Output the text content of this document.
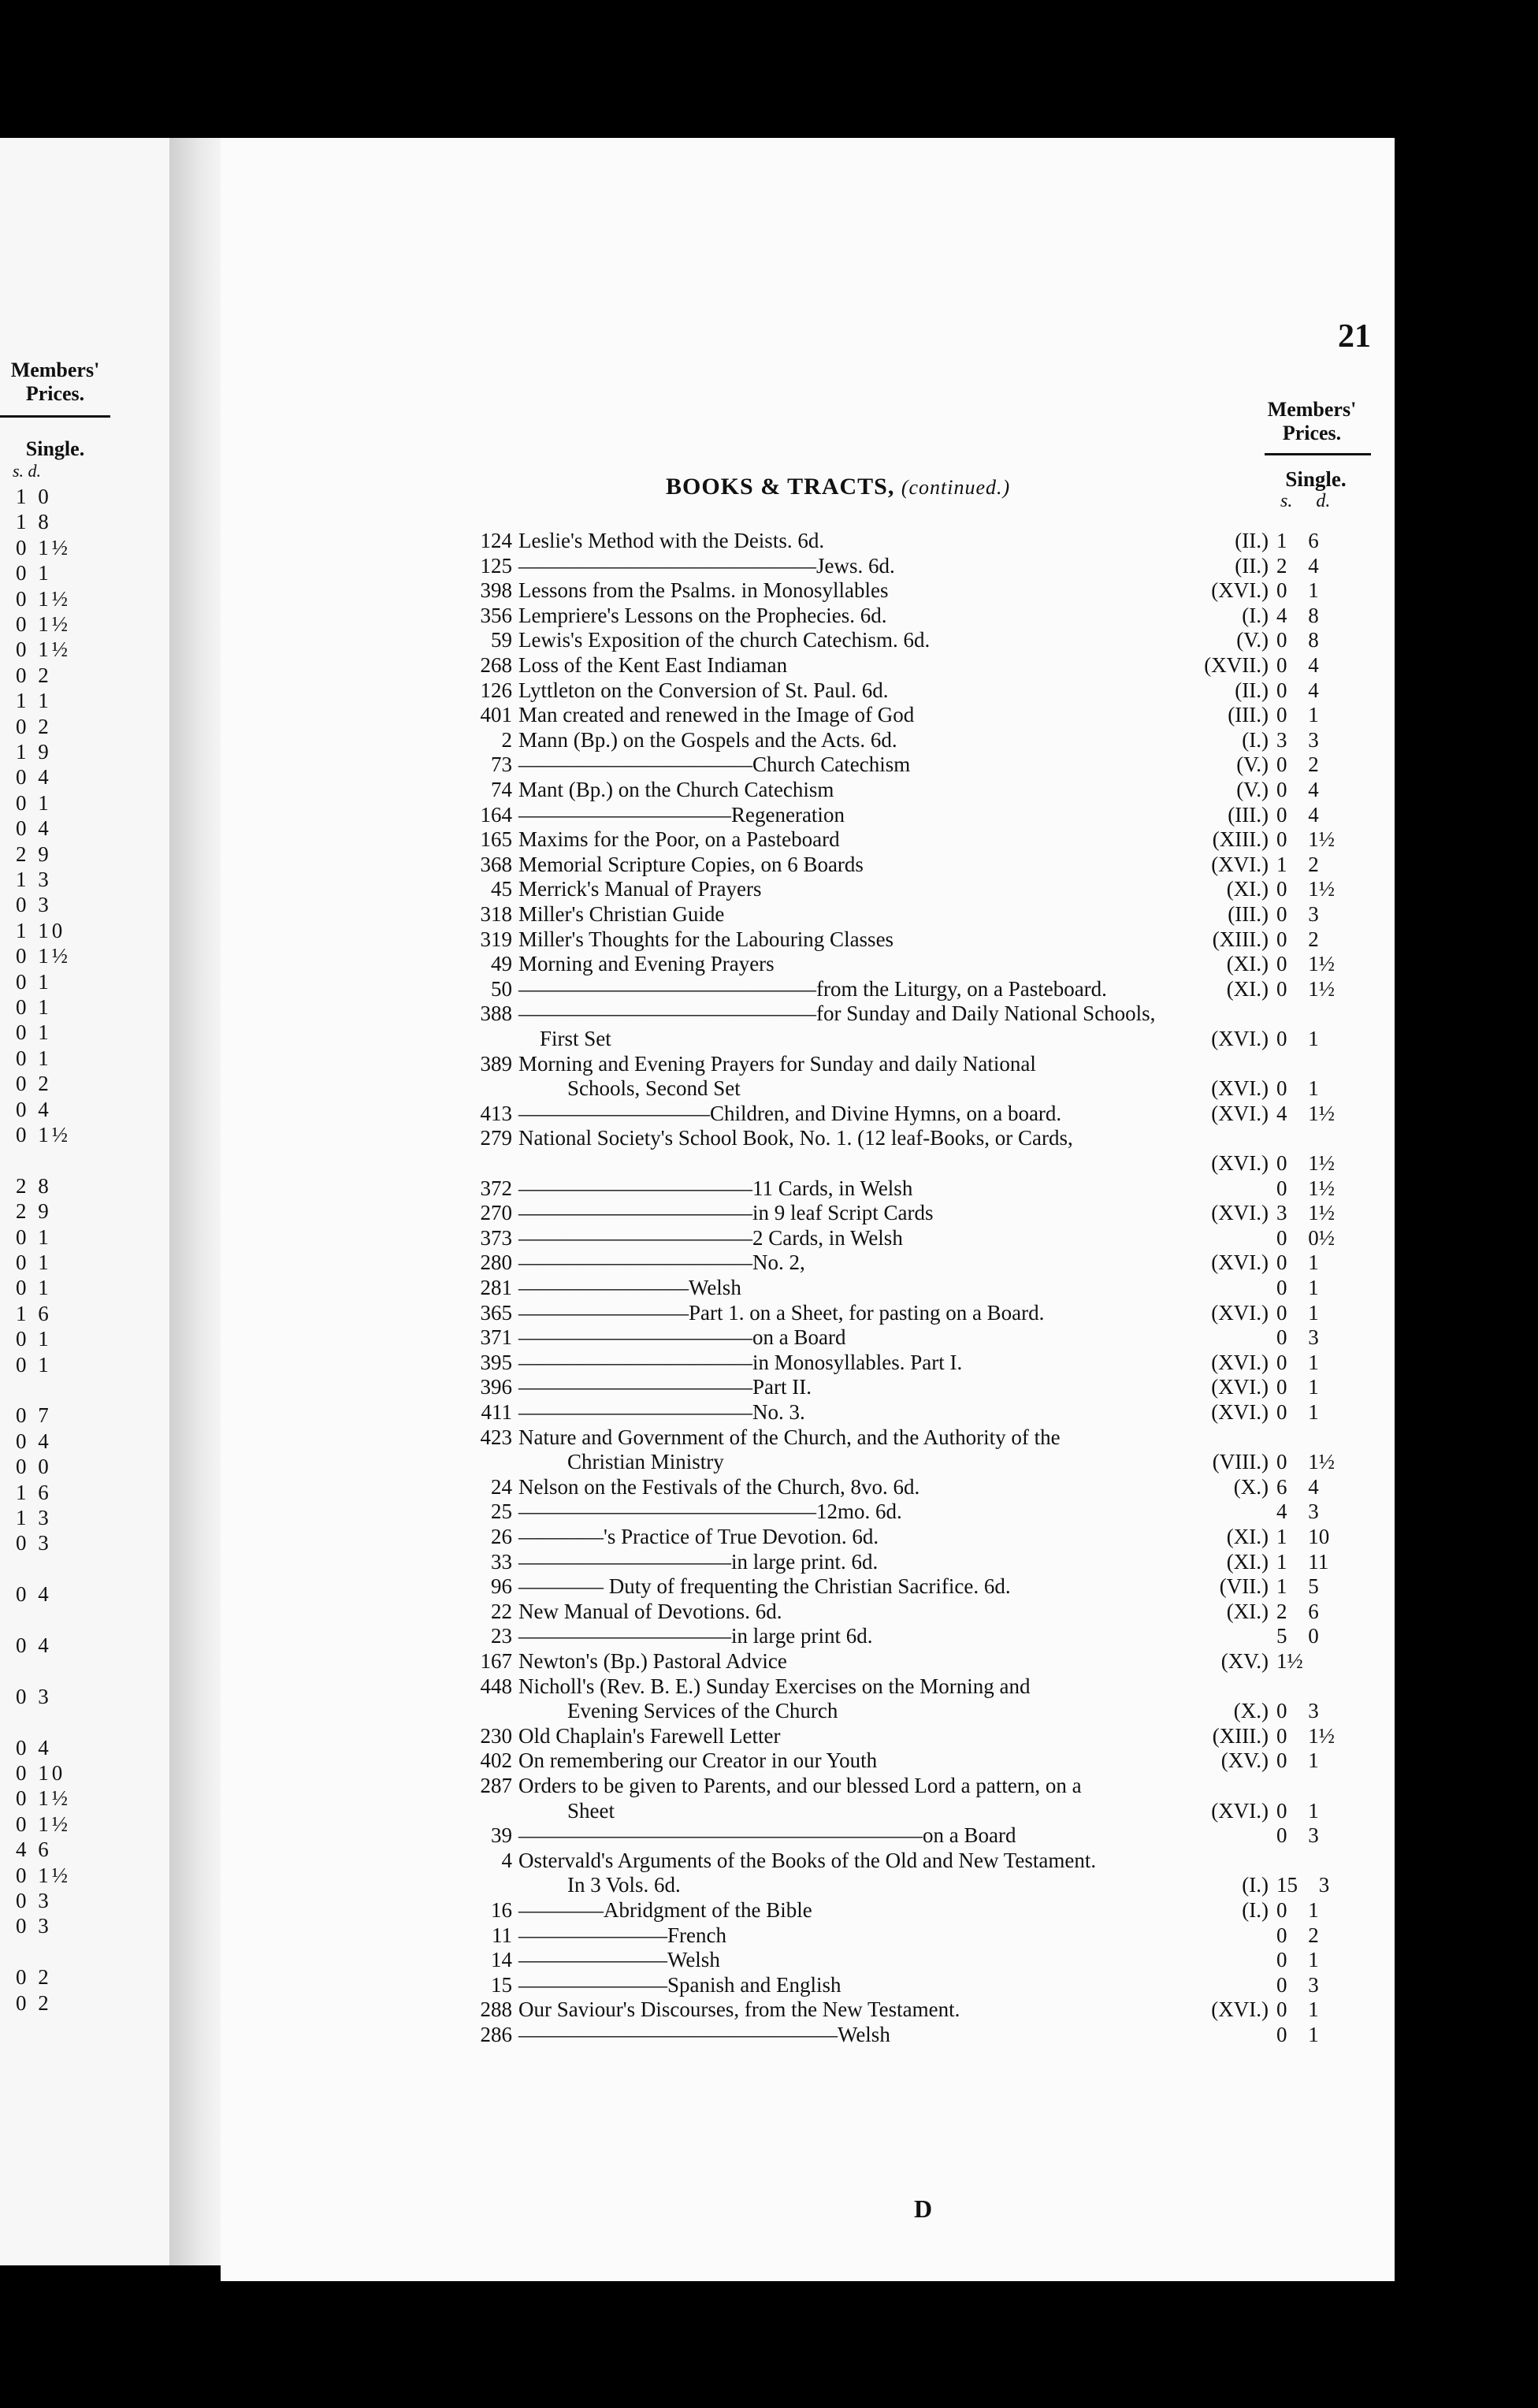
Members' Prices.
Single.
s. d.
1 0
1 8
0 1½
0 1
0 1½
0 1½
0 1½
0 2
1 1
0 2
1 9
0 4
0 1
0 4
2 9
1 3
0 3
1 10
0 1½
0 1
0 1
0 1
0 1
0 2
0 4
0 1½
2 8
2 9
0 1
0 1
0 1
1 6
0 1
0 1
0 7
0 4
0 0
1 6
1 3
0 3
0 4
0 4
0 3
0 4
0 10
0 1½
0 1½
4 6
0 1½
0 3
0 3
0 2
0 2
21
Members' Prices.
Single.
s. d.
BOOKS & TRACTS, (continued.)
124 Leslie's Method with the Deists. 6d.	(II.) 1 6
125 ——————————————Jews. 6d.	(II.) 2 4
398 Lessons from the Psalms. in Monosyllables	(XVI.) 0 1
356 Lempriere's Lessons on the Prophecies. 6d.	(I.) 4 8
59 Lewis's Exposition of the church Catechism. 6d.	(V.) 0 8
268 Loss of the Kent East Indiaman	(XVII.) 0 4
126 Lyttleton on the Conversion of St. Paul. 6d.	(II.) 0 4
401 Man created and renewed in the Image of God	(III.) 0 1
2 Mann (Bp.) on the Gospels and the Acts. 6d.	(I.) 3 3
73 ———————————Church Catechism	(V.) 0 2
74 Mant (Bp.) on the Church Catechism	(V.) 0 4
164 ——————————Regeneration	(III.) 0 4
165 Maxims for the Poor, on a Pasteboard	(XIII.) 0 1½
368 Memorial Scripture Copies, on 6 Boards	(XVI.) 1 2
45 Merrick's Manual of Prayers	(XI.) 0 1½
318 Miller's Christian Guide	(III.) 0 3
319 Miller's Thoughts for the Labouring Classes	(XIII.) 0 2
49 Morning and Evening Prayers	(XI.) 0 1½
50 ——————————————from the Liturgy, on a Pasteboard.	(XI.) 0 1½
388 ——————————————for Sunday and Daily National Schools,
First Set	(XVI.) 0 1
389 Morning and Evening Prayers for Sunday and daily National
Schools, Second Set	(XVI.) 0 1
413 —————————Children, and Divine Hymns, on a board.	(XVI.) 4 1½
279 National Society's School Book, No. 1. (12 leaf-Books, or Cards,
(XVI.) 0 1½
372 ———————————11 Cards, in Welsh	0 1½
270 ———————————in 9 leaf Script Cards	(XVI.) 3 1½
373 ———————————2 Cards, in Welsh	0 0½
280 ———————————No. 2,	(XVI.) 0 1
281 ————————Welsh	0 1
365 ————————Part 1. on a Sheet, for pasting on a Board.	(XVI.) 0 1
371 ———————————on a Board	0 3
395 ———————————in Monosyllables. Part I.	(XVI.) 0 1
396 ———————————Part II.	(XVI.) 0 1
411 ———————————No. 3.	(XVI.) 0 1
423 Nature and Government of the Church, and the Authority of the
Christian Ministry	(VIII.) 0 1½
24 Nelson on the Festivals of the Church, 8vo. 6d.	(X.) 6 4
25 ——————————————12mo. 6d.	4 3
26 ————'s Practice of True Devotion. 6d.	(XI.) 1 10
33 ——————————in large print. 6d.	(XI.) 1 11
96 ———— Duty of frequenting the Christian Sacrifice. 6d.	(VII.) 1 5
22 New Manual of Devotions. 6d.	(XI.) 2 6
23 ——————————in large print 6d.	5 0
167 Newton's (Bp.) Pastoral Advice	(XV.) 1½
448 Nicholl's (Rev. B. E.) Sunday Exercises on the Morning and
Evening Services of the Church	(X.) 0 3
230 Old Chaplain's Farewell Letter	(XIII.) 0 1½
402 On remembering our Creator in our Youth	(XV.) 0 1
287 Orders to be given to Parents, and our blessed Lord a pattern, on a
Sheet	(XVI.) 0 1
39 ———————————————————on a Board	0 3
4 Ostervald's Arguments of the Books of the Old and New Testament.
In 3 Vols. 6d.	(I.) 15 3
16 ————Abridgment of the Bible	(I.) 0 1
11 ———————French	0 2
14 ———————Welsh	0 1
15 ———————Spanish and English	0 3
288 Our Saviour's Discourses, from the New Testament.	(XVI.) 0 1
286 ———————————————Welsh	0 1
D
